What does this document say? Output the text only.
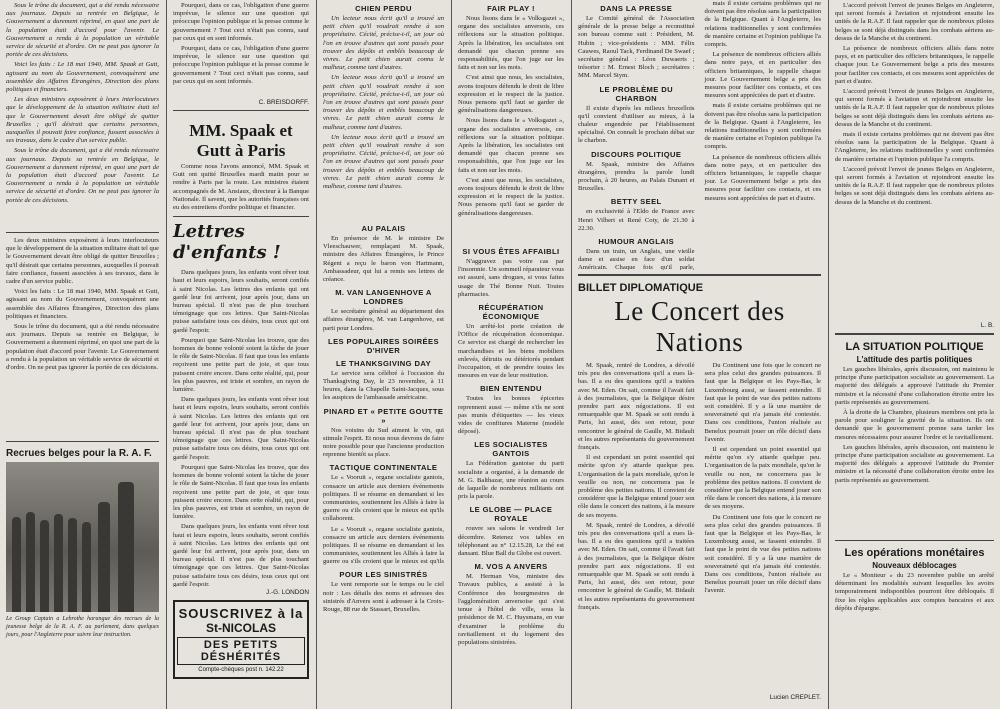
Sous le trône du document, qui a été rendu nécessaire aux journaux. Depuis sa rentrée en Belgique, le Gouvernement a durement réprimé, en quoi une part de la population était d'accord pour l'avenir. Le Gouvernement a rendu à la population un véritable service de sécurité et d'ordre. On ne peut pas ignorer la portée de ces décisions.

Voici les faits : Le 18 mai 1940, MM. Spaak et Gutt, agissant au nom du Gouvernement, convoquèrent une assemblée des Affaires Étrangères, Direction des plans politiques et financiers.

Les deux ministres exposèrent à leurs interlocuteurs que le développement de la situation militaire était tel que le Gouvernement devait être obligé de quitter Bruxelles ; qu'il désirait que certains personnes, auxquelles il pouvait faire confiance, fussent associées à ses travaux, dans le cadre d'un service public.

Sous le trône du document, qui a été rendu nécessaire aux journaux. Depuis sa rentrée en Belgique, le Gouvernement a durement réprimé, en quoi une part de la population était d'accord pour l'avenir. Le Gouvernement a rendu à la population un véritable service de sécurité et d'ordre. On ne peut pas ignorer la portée de ces décisions.

Les deux ministres exposèrent à leurs interlocuteurs que le développement de la situation militaire était tel que le Gouvernement devait être obligé de quitter Bruxelles ; qu'il désirait que certains personnes, auxquelles il pouvait faire confiance, fussent associées à ses travaux, dans le cadre d'un service public.

Voici les faits : Le 18 mai 1940, MM. Spaak et Gutt, agissant au nom du Gouvernement, convoquèrent une assemblée des Affaires Étrangères, Direction des plans politiques et financiers.

Sous le trône du document, qui a été rendu nécessaire aux journaux. Depuis sa rentrée en Belgique, le Gouvernement a durement réprimé, en quoi une part de la population était d'accord pour l'avenir. Le Gouvernement a rendu à la population un véritable service de sécurité et d'ordre. On ne peut pas ignorer la portée de ces décisions.

Recrues belges pour la R. A. F.
Le Group Captain a Lebrothe harangue des recrues de la jeunesse belge de la R. A. F. au parlement, dans quelques jours, pour l'Angleterre pour suivre leur instruction.

Pourquoi, dans ce cas, l'obligation d'une guerre imprévue, le silence sur une question qui préoccupe l'opinion publique et la presse comme le gouvernement ? Tout ceci n'était pas connu, sauf par ceux qui en sont informés.

Pourquoi, dans ce cas, l'obligation d'une guerre imprévue, le silence sur une question qui préoccupe l'opinion publique et la presse comme le gouvernement ? Tout ceci n'était pas connu, sauf par ceux qui en sont informés.

C. BREISDORFF.
MM. Spaak et Gutt à Paris

Comme nous l'avons annoncé, MM. Spaak et Gutt ont quitté Bruxelles mardi matin pour se rendre à Paris par la route. Les ministres étaient accompagnés de M. Ansiaux, directeur à la Banque Nationale. Il savent, que les autorités françaises ont eu des entretiens d'ordre politique et financier.

Lettres d'enfants !

Dans quelques jours, les enfants vont rêver tout haut et leurs espoirs, leurs souhaits, seront confiés à saint Nicolas. Les lettres des enfants qui ont gardé leur foi arrivent, jour après jour, dans un bureau spécial. Il n'est pas de plus touchant témoignage que ces lettres. Que Saint-Nicolas puisse satisfaire tous ces désirs, tous ceux qui ont gardé l'espoir.

Pourquoi que Saint-Nicolas les trouve, que des hommes de bonne volonté soient la tâche de jouer le rôle de Saint-Nicolas. Il faut que tous les enfants reçoivent une petite part de joie, et que tous puissent croire encore. Dans cette réalité, qui, pour les plus pauvres, est triste et sombre, un rayon de lumière.

Dans quelques jours, les enfants vont rêver tout haut et leurs espoirs, leurs souhaits, seront confiés à saint Nicolas. Les lettres des enfants qui ont gardé leur foi arrivent, jour après jour, dans un bureau spécial. Il n'est pas de plus touchant témoignage que ces lettres. Que Saint-Nicolas puisse satisfaire tous ces désirs, tous ceux qui ont gardé l'espoir.

Pourquoi que Saint-Nicolas les trouve, que des hommes de bonne volonté soient la tâche de jouer le rôle de Saint-Nicolas. Il faut que tous les enfants reçoivent une petite part de joie, et que tous puissent croire encore. Dans cette réalité, qui, pour les plus pauvres, est triste et sombre, un rayon de lumière.

Dans quelques jours, les enfants vont rêver tout haut et leurs espoirs, leurs souhaits, seront confiés à saint Nicolas. Les lettres des enfants qui ont gardé leur foi arrivent, jour après jour, dans un bureau spécial. Il n'est pas de plus touchant témoignage que ces lettres. Que Saint-Nicolas puisse satisfaire tous ces désirs, tous ceux qui ont gardé l'espoir.

J.-G. LONDON
SOUSCRIVEZ à la
St-NICOLAS
DES PETITS DÉSHÉRITÉS
Compte-chèques post n. 142.22
CHIEN PERDU

Un lecteur nous écrit qu'il a trouvé un petit chien qu'il voudrait rendre à son propriétaire. Cécité, précise-t-il, un jour où l'on en trouve d'autres qui sont passés pour trouver des dépôts et emblés beaucoup de vivres. Le petit chien aurait connu le malheur, comme tant d'autres.

Un lecteur nous écrit qu'il a trouvé un petit chien qu'il voudrait rendre à son propriétaire. Cécité, précise-t-il, un jour où l'on en trouve d'autres qui sont passés pour trouver des dépôts et emblés beaucoup de vivres. Le petit chien aurait connu le malheur, comme tant d'autres.

Un lecteur nous écrit qu'il a trouvé un petit chien qu'il voudrait rendre à son propriétaire. Cécité, précise-t-il, un jour où l'on en trouve d'autres qui sont passés pour trouver des dépôts et emblés beaucoup de vivres. Le petit chien aurait connu le malheur, comme tant d'autres.

AU PALAIS

En présence de M. le ministre De Vleeschauwer, remplaçant M. Spaak, ministre des Affaires Étrangères, le Prince Régent a reçu le baron von Hartmann, Ambassadeur, qui lui a remis ses lettres de créance.

M. VAN LANGENHOVE A LONDRES

Le secrétaire général au département des affaires étrangères, M. van Langenhove, est parti pour Londres.

LES POPULAIRES SOIRÉES D'HIVER
LE THANKSGIVING DAY

Le service sera célébré à l'occasion du Thanksgiving Day, le 23 novembre, à 11 heures, dans la Chapelle Saint-Jacques, sous les auspices de l'ambassade américaine.

PINARD ET « PETITE GOUTTE »

Nos voisins du Sud aiment le vin, qui stimule l'esprit. Et nous nous devrons de faire notre possible pour que l'ancienne production reprenne bientôt sa place.

TACTIQUE CONTINENTALE

Le « Vooruit », organe socialiste gantois, consacre un article aux derniers événements politiques. Il se résume en demandant si les communistes, soutiennent les Alliés à faire la guerre ou s'ils croient que le mieux est qu'ils collaborent.

Le « Vooruit », organe socialiste gantois, consacre un article aux derniers événements politiques. Il se résume en demandant si les communistes, soutiennent les Alliés à faire la guerre ou s'ils croient que le mieux est qu'ils

POUR LES SINISTRÉS

Le vent remporte sur le temps ou le ciel noir : Les détails des noms et adresses des sinistrés d'Anvers sont à adresser à la Croix-Rouge, 88 rue de Stassart, Bruxelles.

FAIR PLAY !

Nous lisons dans le « Volksgazet », organe des socialistes anversois, ces réflexions sur la situation politique. Après la libération, les socialistes ont demandé que chacun prenne ses responsabilités, que l'on juge sur les faits et non sur les mots.

C'est ainsi que nous, les socialistes, avons toujours défendu le droit de libre expression et le respect de la justice. Nous pensons qu'il faut se garder de généralisations dangereuses.

Nous lisons dans le « Volksgazet », organe des socialistes anversois, ces réflexions sur la situation politique. Après la libération, les socialistes ont demandé que chacun prenne ses responsabilités, que l'on juge sur les faits et non sur les mots.

C'est ainsi que nous, les socialistes, avons toujours défendu le droit de libre expression et le respect de la justice. Nous pensons qu'il faut se garder de généralisations dangereuses.

SI VOUS ÊTES AFFAIBLI

N'aggravez pas votre cas par l'insomnie. Un sommeil réparateur vous est assuré, sans drogues, si vous faites usage de Thé Bonne Nuit. Toutes pharmacies.

RÉCUPÉRATION ÉCONOMIQUE

Un arrêté-loi porte création de l'Office de récupération économique. Ce service est chargé de rechercher les marchandises et les biens mobiliers enlevés, détruits ou détériorés pendant l'occupation, et de prendre toutes les mesures en vue de leur restitution.

BIEN ENTENDU

Toutes les bonnes épiceries reprennent aussi — même s'ils ne sont pas munis d'étiquettes — les vieux vides de confitures Materne (modèle déposé).

LES SOCIALISTES GANTOIS

La Fédération gantoise du parti socialiste a organisé, à la demande de M. G. Balthazar, une réunion au cours de laquelle de nombreux militants ont pris la parole.

LE GLOBE — PLACE ROYALE

rouvre ses salons le vendredi 1er décembre. Retenez vos tables en téléphonant au n° 12.15.28, Le thé est dansant. Blue Ball du Globe est ouvert.

M. VOS A ANVERS

M. Herman Vos, ministre des Travaux publics, a assisté à la Conférence des bourgmestres de l'agglomération anversoise qui s'est tenue à l'hôtel de ville, sous la présidence de M. C. Huysmans, en vue d'examiner le problème du ravitaillement et du logement des populations sinistrées.

DANS LA PRESSE

Le Comité général de l'Association générale de la presse belge a reconstitué son bureau comme suit : Président, M. Hubin ; vice-présidents : MM. Félix Cauwes, Raoul Tack, Ferdinand De Swaef ; secrétaire général : Léon Duwaerts ; trésorier : M. Ernest Bloch ; secrétaires : MM. Marcel Stym.

LE PROBLÈME DU CHARBON

Il existe d'après les milieux bruxellois qu'il convient d'utiliser au mieux, à la chaleur engendrée par l'établissement spécialisé. On connaît le prochain débat sur le charbon.

DISCOURS POLITIQUE

M. Spaak, ministre des Affaires étrangères, prendra la parole lundi prochain, à 20 heures, au Palais Dunant et Bruxelles.

BETTY SEEL

en exclusivité à l'Eldo de France avec Henri Vilbert et René Coty, de 21.30 à 22.30.

HUMOUR ANGLAIS

Dans un train, un Anglais, une vieille dame et assise en face d'un soldat Américain. Chaque fois qu'il parle,

mais il existe certains problèmes qui ne doivent pas être résolus sans la participation de la Belgique. Quant à l'Angleterre, les relations traditionnelles y sont confirmées de manière certaine et l'opinion publique l'a compris.

La présence de nombreux officiers alliés dans notre pays, et en particulier des officiers britanniques, le rappelle chaque jour. Le Gouvernement belge a pris des mesures pour faciliter ces contacts, et ces mesures sont appréciées de part et d'autre.

mais il existe certains problèmes qui ne doivent pas être résolus sans la participation de la Belgique. Quant à l'Angleterre, les relations traditionnelles y sont confirmées de manière certaine et l'opinion publique l'a compris.

La présence de nombreux officiers alliés dans notre pays, et en particulier des officiers britanniques, le rappelle chaque jour. Le Gouvernement belge a pris des mesures pour faciliter ces contacts, et ces mesures sont appréciées de part et d'autre.

BILLET DIPLOMATIQUE
Le Concert des Nations

M. Spaak, rentré de Londres, a dévoilé très peu des conversations qu'il a eues là-bas. Il a eu des questions qu'il a traitées avec M. Eden. On sait, comme il l'avait fait à des journalistes, que la Belgique désire prendre part aux négociations. Il est remarquable que M. Spaak se soit rendu à Paris, lui aussi, dès son retour, pour rencontrer le général de Gaulle, M. Bidault et les autres représentants du gouvernement français.

Il est cependant un point essentiel qui mérite qu'on s'y attarde quelque peu. L'organisation de la paix mondiale, qu'on le veuille ou non, ne concernera pas le problème des petites nations. Il convient de considérer que la Belgique entend jouer son rôle dans le concert des nations, à la mesure de ses moyens.

M. Spaak, rentré de Londres, a dévoilé très peu des conversations qu'il a eues là-bas. Il a eu des questions qu'il a traitées avec M. Eden. On sait, comme il l'avait fait à des journalistes, que la Belgique désire prendre part aux négociations. Il est remarquable que M. Spaak se soit rendu à Paris, lui aussi, dès son retour, pour rencontrer le général de Gaulle, M. Bidault et les autres représentants du gouvernement français.

Du Continent une fois que le concert ne sera plus celui des grandes puissances. Il faut que la Belgique et les Pays-Bas, le Luxembourg aussi, se fassent entendre. Il faut que le point de vue des petites nations soit considéré. Il y a là une manière de souveraineté qui n'a jamais été contestée. Dans ces conditions, l'union réalisée au Benelux pourrait jouer un rôle décisif dans l'avenir.

Il est cependant un point essentiel qui mérite qu'on s'y attarde quelque peu. L'organisation de la paix mondiale, qu'on le veuille ou non, ne concernera pas le problème des petites nations. Il convient de considérer que la Belgique entend jouer son rôle dans le concert des nations, à la mesure de ses moyens.

Du Continent une fois que le concert ne sera plus celui des grandes puissances. Il faut que la Belgique et les Pays-Bas, le Luxembourg aussi, se fassent entendre. Il faut que le point de vue des petites nations soit considéré. Il y a là une manière de souveraineté qui n'a jamais été contestée. Dans ces conditions, l'union réalisée au Benelux pourrait jouer un rôle décisif dans l'avenir.

Lucien CREPLET.

L'accord prévoit l'envoi de jeunes Belges en Angleterre, qui seront formés à l'aviation et rejoindront ensuite les unités de la R.A.F. Il faut rappeler que de nombreux pilotes belges se sont déjà distingués dans les combats aériens au-dessus de la Manche et du continent.

La présence de nombreux officiers alliés dans notre pays, et en particulier des officiers britanniques, le rappelle chaque jour. Le Gouvernement belge a pris des mesures pour faciliter ces contacts, et ces mesures sont appréciées de part et d'autre.

L'accord prévoit l'envoi de jeunes Belges en Angleterre, qui seront formés à l'aviation et rejoindront ensuite les unités de la R.A.F. Il faut rappeler que de nombreux pilotes belges se sont déjà distingués dans les combats aériens au-dessus de la Manche et du continent.

mais il existe certains problèmes qui ne doivent pas être résolus sans la participation de la Belgique. Quant à l'Angleterre, les relations traditionnelles y sont confirmées de manière certaine et l'opinion publique l'a compris.

L'accord prévoit l'envoi de jeunes Belges en Angleterre, qui seront formés à l'aviation et rejoindront ensuite les unités de la R.A.F. Il faut rappeler que de nombreux pilotes belges se sont déjà distingués dans les combats aériens au-dessus de la Manche et du continent.

L. B.
LA SITUATION POLITIQUE
L'attitude des partis politiques

Les gauches libérales, après discussion, ont maintenu le principe d'une participation socialiste au gouvernement. La majorité des délégués a approuvé l'attitude du Premier ministre et la nécessité d'une collaboration étroite entre les partis représentés au gouvernement.

À la droite de la Chambre, plusieurs membres ont pris la parole pour souligner la gravité de la situation. Ils ont demandé que le gouvernement prenne sans tarder les mesures nécessaires pour assurer l'ordre et le ravitaillement.

Les gauches libérales, après discussion, ont maintenu le principe d'une participation socialiste au gouvernement. La majorité des délégués a approuvé l'attitude du Premier ministre et la nécessité d'une collaboration étroite entre les partis représentés au gouvernement.

Les opérations monétaires
Nouveaux déblocages

Le « Moniteur » du 23 novembre publie un arrêté déterminant les modalités suivant lesquelles les avoirs temporairement indisponibles pourront être débloqués. Il fixe les règles applicables aux comptes bancaires et aux dépôts d'épargne.
